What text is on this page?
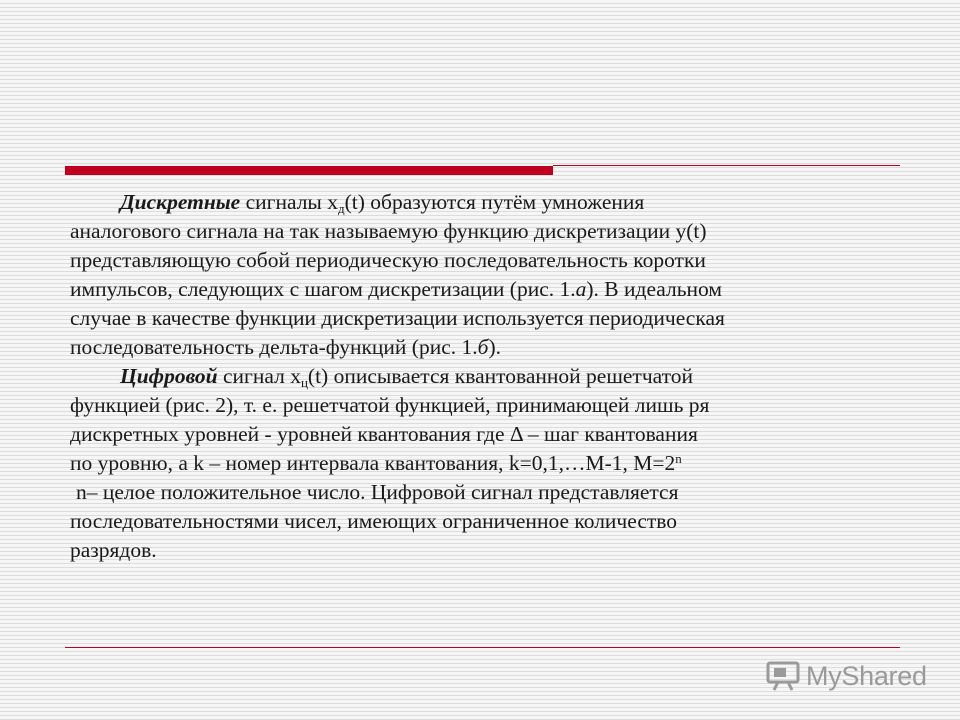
Дискретные сигналы $x_д(t)$ образуются путём умножения

аналогового сигнала на так называемую функцию дискретизации y(t)

представляющую собой периодическую последовательность коротки

импульсов, следующих с шагом дискретизации (рис. 1.а). В идеальном

случае в качестве функции дискретизации используется периодическая

последовательность дельта-функций (рис. 1.б).

Цифровой сигнал $x_ц(t)$ описывается квантованной решетчатой

функцией (рис. 2), т. е. решетчатой функцией, принимающей лишь ря

дискретных уровней - уровней квантования где Δ – шаг квантования

по уровню, а k – номер интервала квантования, k=0,1,…M-1, $M=2^n$

n– целое положительное число. Цифровой сигнал представляется

последовательностями чисел, имеющих ограниченное количество

разрядов.

MyShared
